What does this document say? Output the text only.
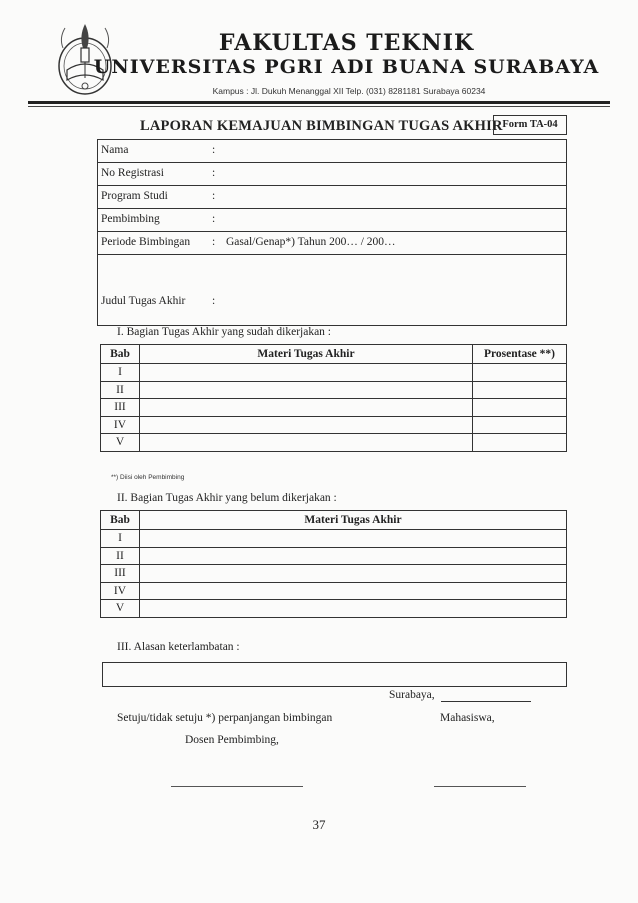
FAKULTAS TEKNIK
UNIVERSITAS PGRI ADI BUANA SURABAYA
Kampus : Jl. Dukuh Menanggal XII Telp. (031) 8281181 Surabaya 60234
LAPORAN KEMAJUAN BIMBINGAN TUGAS AKHIR Form TA-04
Nama	:
No Registrasi	:
Program Studi	:
Pembimbing	:
Periode Bimbingan : Gasal/Genap*) Tahun 200… / 200…
Judul Tugas Akhir :
I. Bagian Tugas Akhir yang sudah dikerjakan :
Bab	Materi Tugas Akhir	Prosentase **)
I		
II		
III		
IV		
V		
**) Diisi oleh Pembimbing
II. Bagian Tugas Akhir yang belum dikerjakan :
Bab	Materi Tugas Akhir
I	
II	
III	
IV	
V	
III. Alasan keterlambatan :
Surabaya,
Setuju/tidak setuju *) perpanjangan bimbingan	Mahasiswa,
Dosen Pembimbing,
37
